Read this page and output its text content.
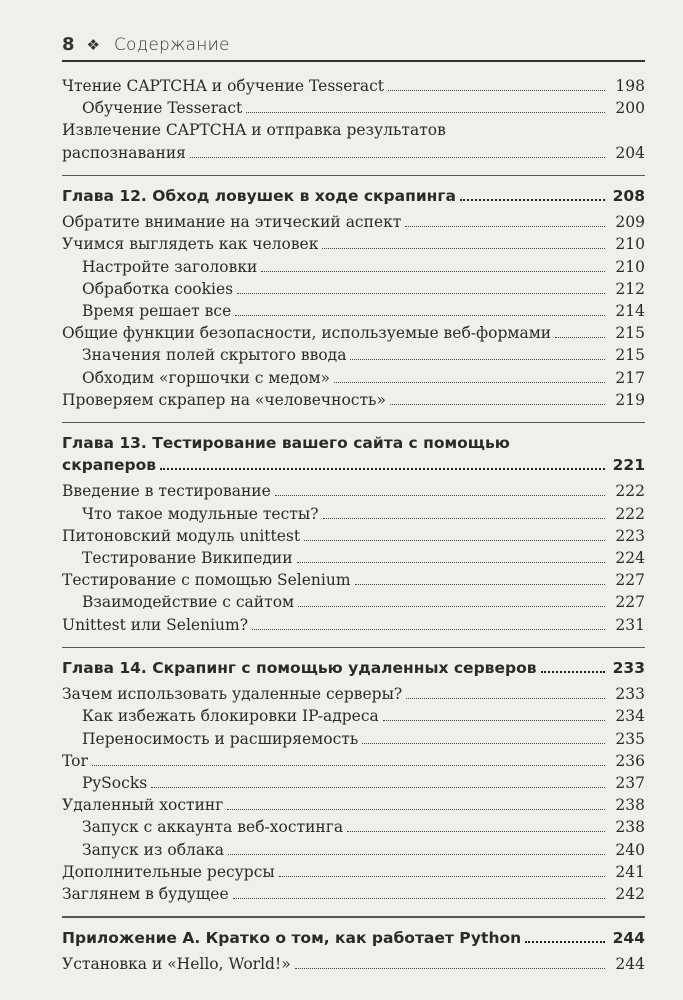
8 ❖ Содержание
Чтение CAPTCHA и обучение Tesseract	198
Обучение Tesseract	200
Извлечение CAPTCHA и отправка результатов
распознавания	204
Глава 12. Обход ловушек в ходе скрапинга	208
Обратите внимание на этический аспект	209
Учимся выглядеть как человек	210
Настройте заголовки	210
Обработка cookies	212
Время решает все	214
Общие функции безопасности, используемые веб-формами	215
Значения полей скрытого ввода	215
Обходим «горшочки с медом»	217
Проверяем скрапер на «человечность»	219
Глава 13. Тестирование вашего сайта с помощью
скраперов	221
Введение в тестирование	222
Что такое модульные тесты?	222
Питоновский модуль unittest	223
Тестирование Википедии	224
Тестирование с помощью Selenium	227
Взаимодействие с сайтом	227
Unittest или Selenium?	231
Глава 14. Скрапинг с помощью удаленных серверов	233
Зачем использовать удаленные серверы?	233
Как избежать блокировки IP-адреса	234
Переносимость и расширяемость	235
Tor	236
PySocks	237
Удаленный хостинг	238
Запуск с аккаунта веб-хостинга	238
Запуск из облака	240
Дополнительные ресурсы	241
Заглянем в будущее	242
Приложение А. Кратко о том, как работает Python	244
Установка и «Hello, World!»	244
